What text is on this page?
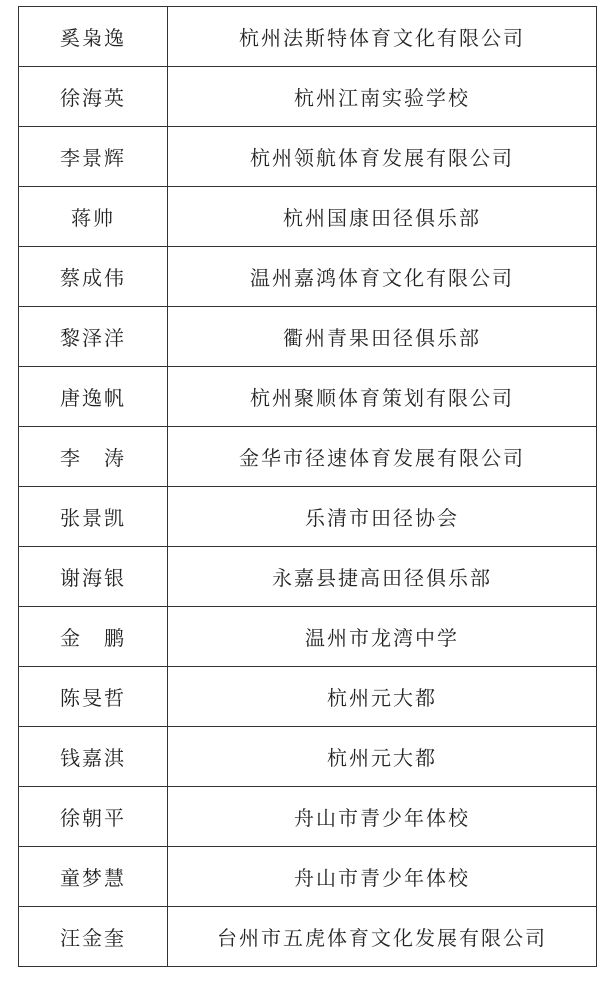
奚枭逸	杭州法斯特体育文化有限公司
徐海英	杭州江南实验学校
李景辉	杭州领航体育发展有限公司
蒋帅	杭州国康田径俱乐部
蔡成伟	温州嘉鸿体育文化有限公司
黎泽洋	衢州青果田径俱乐部
唐逸帆	杭州聚顺体育策划有限公司
李　涛	金华市径速体育发展有限公司
张景凯	乐清市田径协会
谢海银	永嘉县捷高田径俱乐部
金　鹏	温州市龙湾中学
陈旻哲	杭州元大都
钱嘉淇	杭州元大都
徐朝平	舟山市青少年体校
童梦慧	舟山市青少年体校
汪金奎	台州市五虎体育文化发展有限公司
